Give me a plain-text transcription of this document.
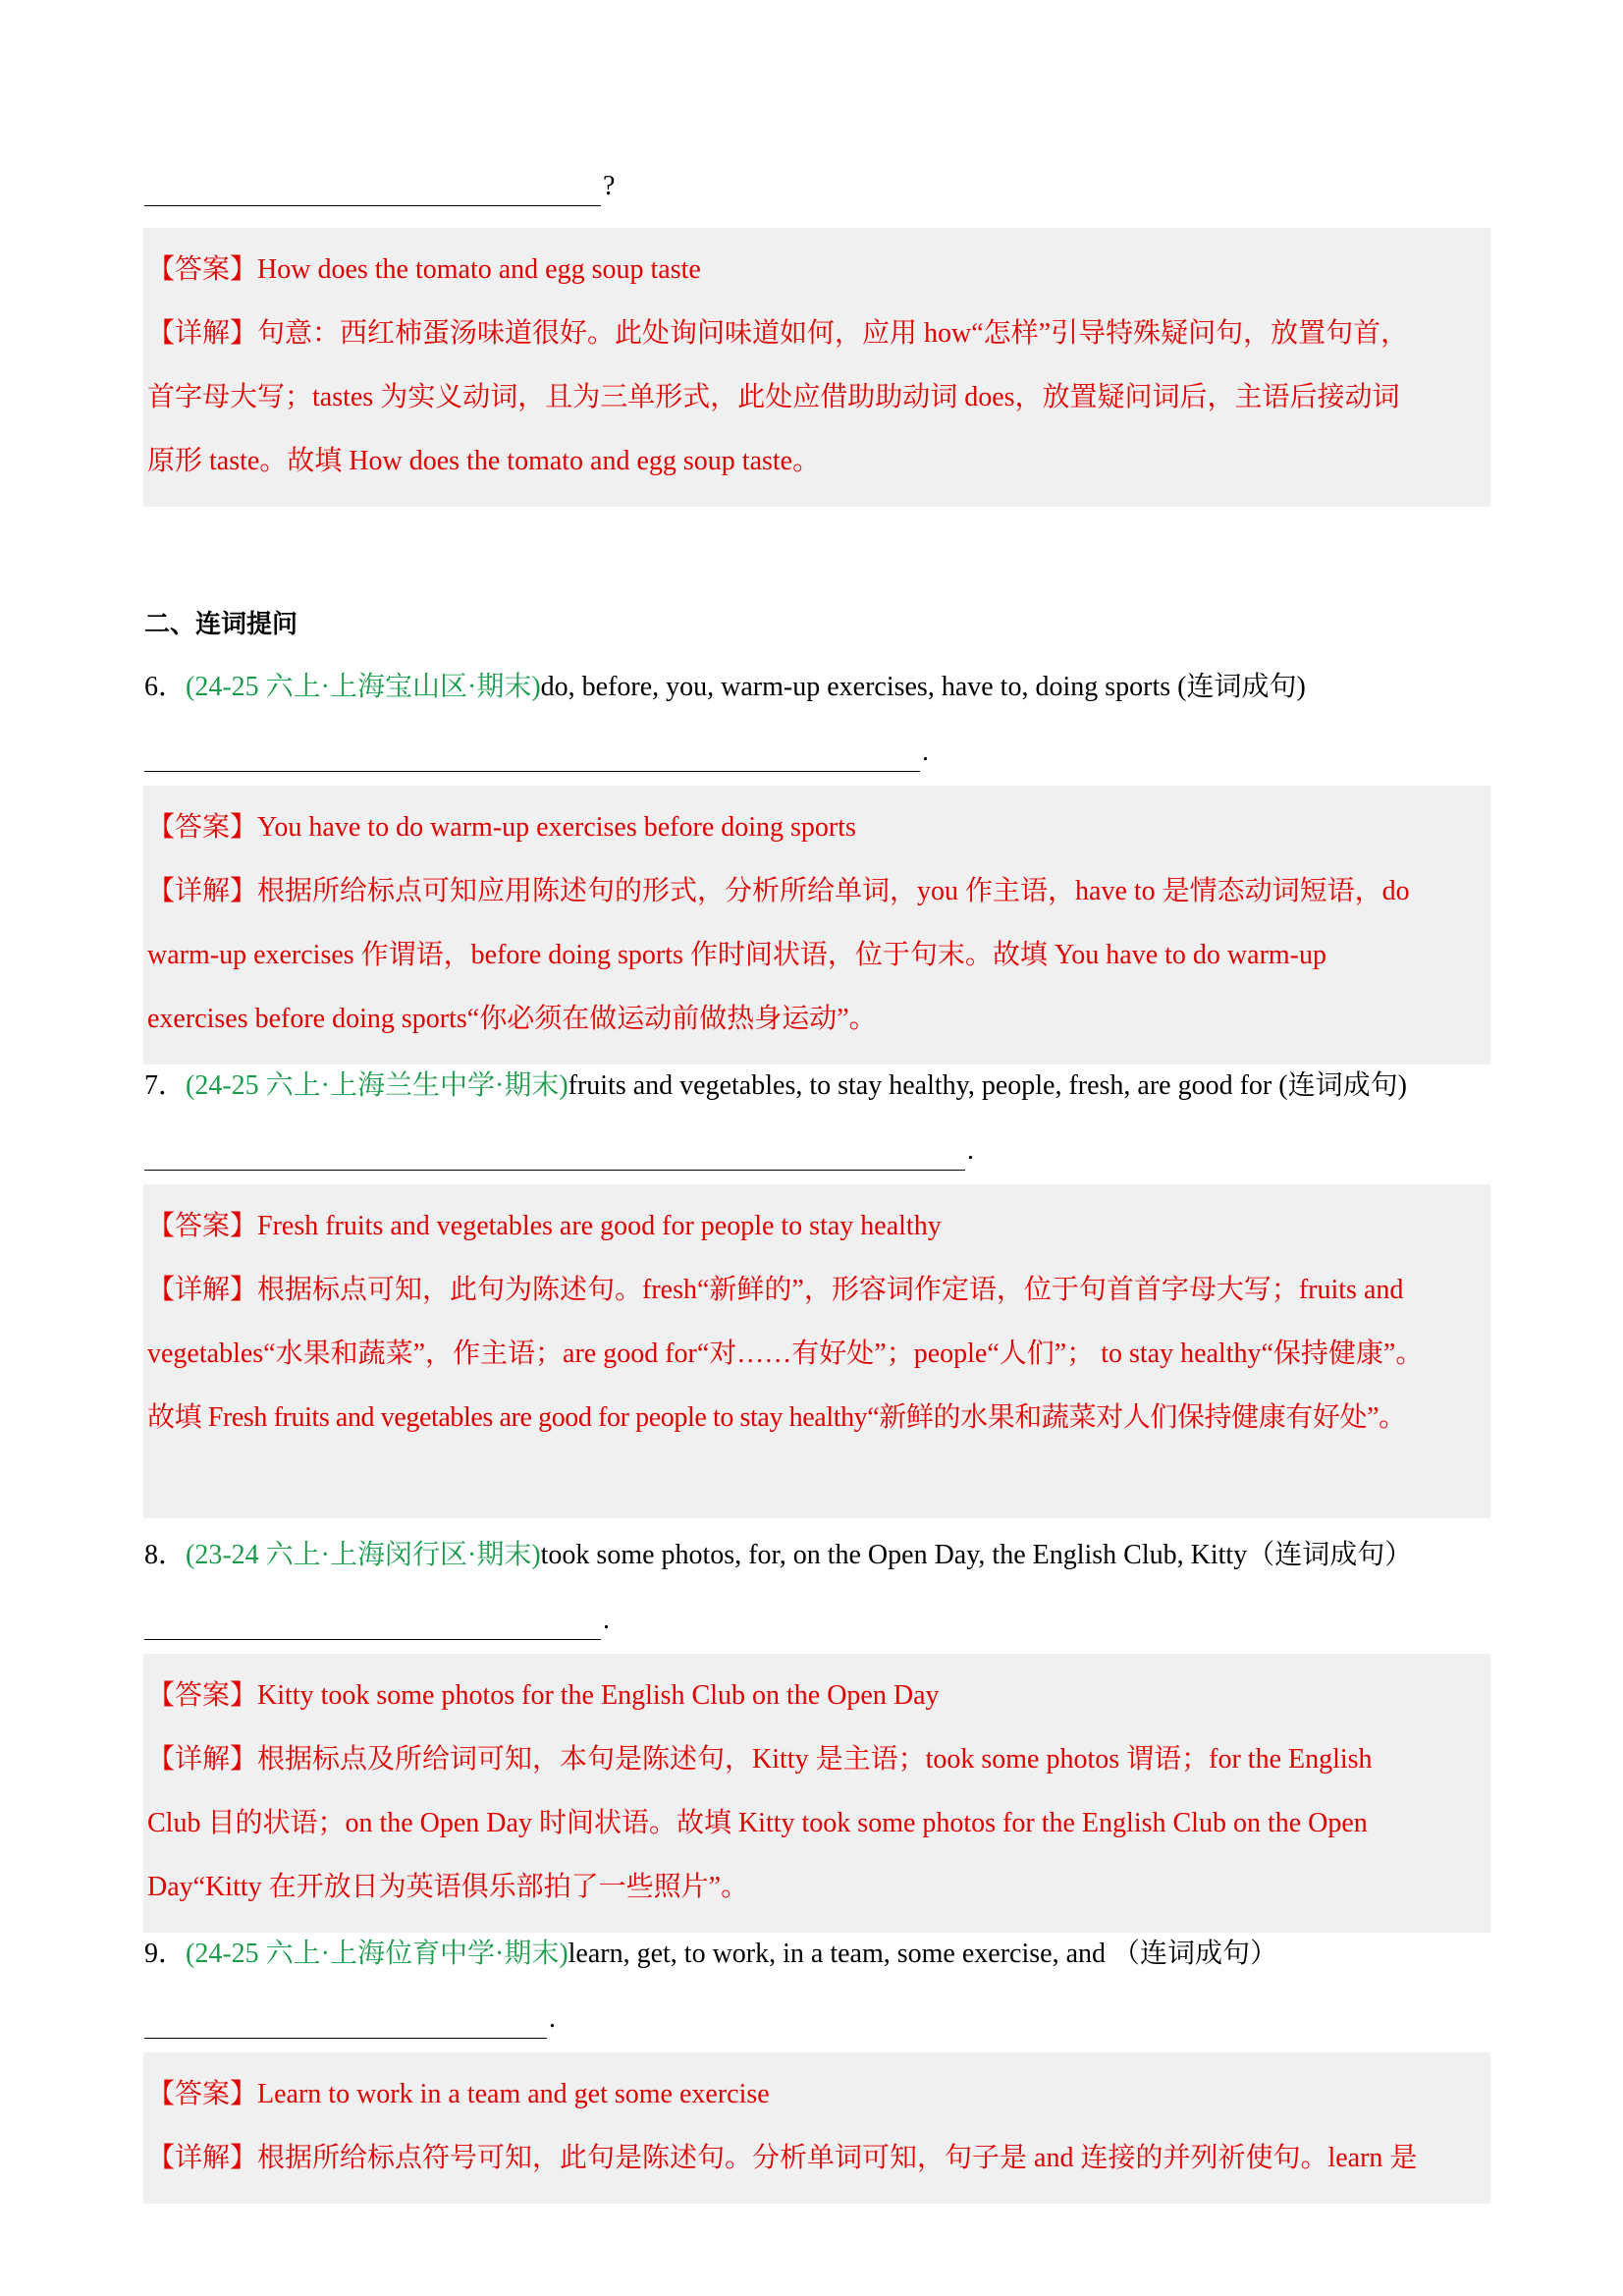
?

【答案】How does the tomato and egg soup taste

【详解】句意：西红柿蛋汤味道很好。此处询问味道如何，应用 how“怎样”引导特殊疑问句，放置句首，

首字母大写；tastes 为实义动词，且为三单形式，此处应借助助动词 does，放置疑问词后，主语后接动词

原形 taste。故填 How does the tomato and egg soup taste。

二、连词提问
6．(24-25 六上·上海宝山区·期末)do, before, you, warm-up exercises, have to, doing sports (连词成句)
.

【答案】You have to do warm-up exercises before doing sports

【详解】根据所给标点可知应用陈述句的形式，分析所给单词，you 作主语，have to 是情态动词短语，do

warm-up exercises 作谓语，before doing sports 作时间状语，位于句末。故填 You have to do warm-up

exercises before doing sports“你必须在做运动前做热身运动”。

7．(24-25 六上·上海兰生中学·期末)fruits and vegetables, to stay healthy, people, fresh, are good for (连词成句)
.

【答案】Fresh fruits and vegetables are good for people to stay healthy

【详解】根据标点可知，此句为陈述句。fresh“新鲜的”，形容词作定语，位于句首首字母大写；fruits and

vegetables“水果和蔬菜”，作主语；are good for“对……有好处”；people“人们”； to stay healthy“保持健康”。

故填 Fresh fruits and vegetables are good for people to stay healthy“新鲜的水果和蔬菜对人们保持健康有好处”。

8．(23-24 六上·上海闵行区·期末)took some photos, for, on the Open Day, the English Club, Kitty（连词成句）
.

【答案】Kitty took some photos for the English Club on the Open Day

【详解】根据标点及所给词可知，本句是陈述句，Kitty 是主语；took some photos 谓语；for the English

Club 目的状语；on the Open Day 时间状语。故填 Kitty took some photos for the English Club on the Open

Day“Kitty 在开放日为英语俱乐部拍了一些照片”。

9．(24-25 六上·上海位育中学·期末)learn, get, to work, in a team, some exercise, and （连词成句）
.

【答案】Learn to work in a team and get some exercise

【详解】根据所给标点符号可知，此句是陈述句。分析单词可知，句子是 and 连接的并列祈使句。learn 是
